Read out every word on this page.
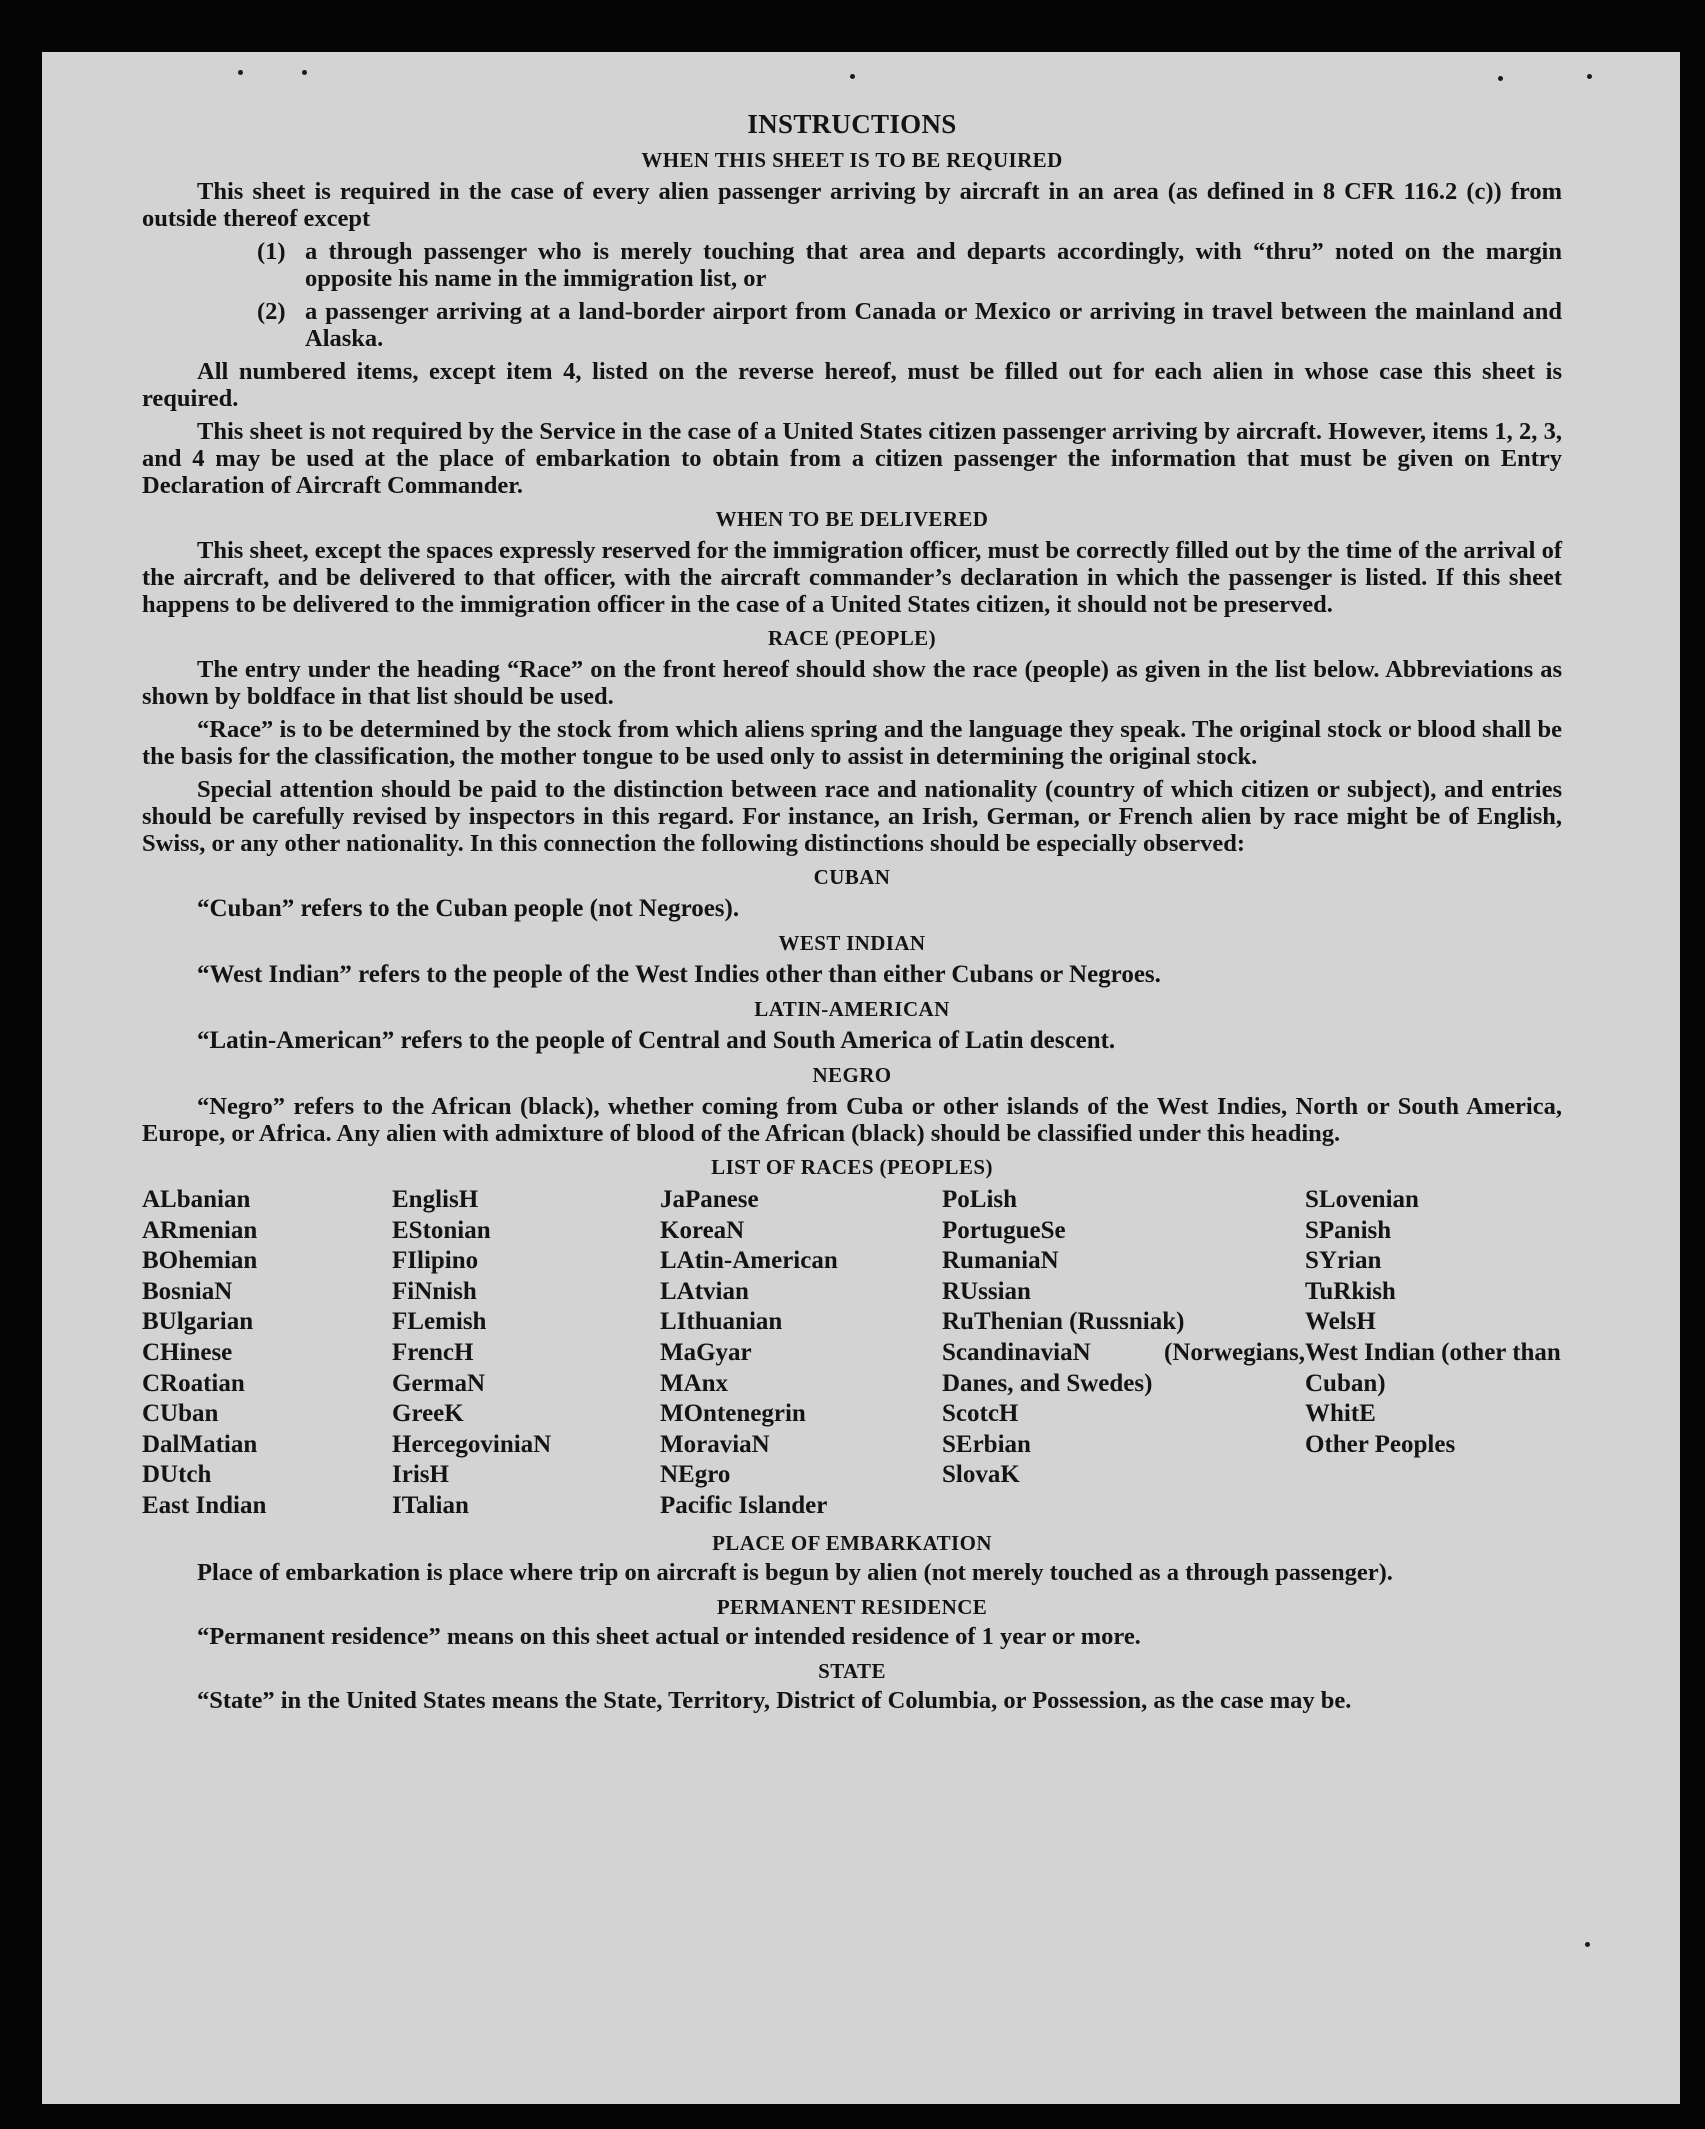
INSTRUCTIONS
WHEN THIS SHEET IS TO BE REQUIRED

This sheet is required in the case of every alien passenger arriving by aircraft in an area (as defined in 8 CFR 116.2 (c)) from outside thereof except

(1) a through passenger who is merely touching that area and departs accordingly, with “thru” noted on the margin opposite his name in the immigration list, or
(2) a passenger arriving at a land-border airport from Canada or Mexico or arriving in travel between the mainland and Alaska.

All numbered items, except item 4, listed on the reverse hereof, must be filled out for each alien in whose case this sheet is required.

This sheet is not required by the Service in the case of a United States citizen passenger arriving by aircraft. However, items 1, 2, 3, and 4 may be used at the place of embarkation to obtain from a citizen passenger the information that must be given on Entry Declaration of Aircraft Commander.

WHEN TO BE DELIVERED

This sheet, except the spaces expressly reserved for the immigration officer, must be correctly filled out by the time of the arrival of the aircraft, and be delivered to that officer, with the aircraft commander’s declaration in which the passenger is listed. If this sheet happens to be delivered to the immigration officer in the case of a United States citizen, it should not be preserved.

RACE (PEOPLE)

The entry under the heading “Race” on the front hereof should show the race (people) as given in the list below. Abbreviations as shown by boldface in that list should be used.

“Race” is to be determined by the stock from which aliens spring and the language they speak. The original stock or blood shall be the basis for the classification, the mother tongue to be used only to assist in determining the original stock.

Special attention should be paid to the distinction between race and nationality (country of which citizen or subject), and entries should be carefully revised by inspectors in this regard. For instance, an Irish, German, or French alien by race might be of English, Swiss, or any other nationality. In this connection the following distinctions should be especially observed:

CUBAN
“Cuban” refers to the Cuban people (not Negroes).
WEST INDIAN
“West Indian” refers to the people of the West Indies other than either Cubans or Negroes.
LATIN-AMERICAN
“Latin-American” refers to the people of Central and South America of Latin descent.
NEGRO

“Negro” refers to the African (black), whether coming from Cuba or other islands of the West Indies, North or South America, Europe, or Africa. Any alien with admixture of blood of the African (black) should be classified under this heading.

LIST OF RACES (PEOPLES)
ALbanian
ARmenian
BOhemian
BosniaN
BUlgarian
CHinese
CRoatian
CUban
DalMatian
DUtch
East Indian
EnglisH
EStonian
FIlipino
FiNnish
FLemish
FrencH
GermaN
GreeK
HercegoviniaN
IrisH
ITalian
JaPanese
KoreaN
LAtin-American
LAtvian
LIthuanian
MaGyar
MAnx
MOntenegrin
MoraviaN
NEgro
Pacific Islander
PoLish
PortugueSe
RumaniaN
RUssian
RuThenian (Russniak)
ScandinaviaN (Norwegians, Danes, and Swedes)
ScotcH
SErbian
SlovaK
SLovenian
SPanish
SYrian
TuRkish
WelsH
West Indian (other than Cuban)
WhitE
Other Peoples
PLACE OF EMBARKATION

Place of embarkation is place where trip on aircraft is begun by alien (not merely touched as a through passenger).

PERMANENT RESIDENCE

“Permanent residence” means on this sheet actual or intended residence of 1 year or more.

STATE

“State” in the United States means the State, Territory, District of Columbia, or Possession, as the case may be.
